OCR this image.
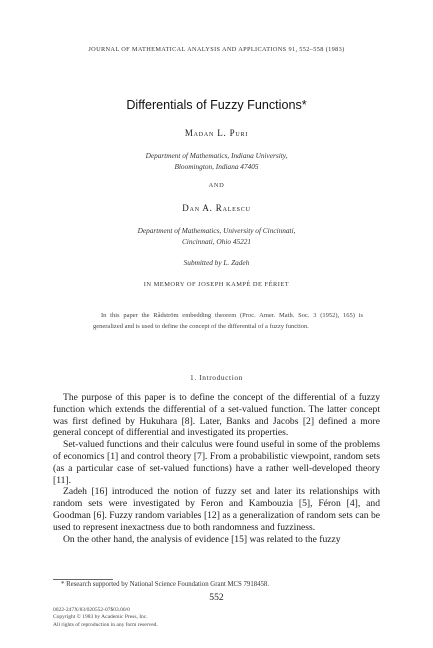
JOURNAL OF MATHEMATICAL ANALYSIS AND APPLICATIONS 91, 552–558 (1983)
Differentials of Fuzzy Functions*
Madan L. Puri
Department of Mathematics, Indiana University,
Bloomington, Indiana 47405
AND
Dan A. Ralescu
Department of Mathematics, University of Cincinnati,
Cincinnati, Ohio 45221
Submitted by L. Zadeh
IN MEMORY OF JOSEPH KAMPÉ DE FÉRIET

In this paper the Rådström embedding theorem (Proc. Amer. Math. Soc. 3 (1952), 165) is generalized and is used to define the concept of the differential of a fuzzy function.

1. Introduction

The purpose of this paper is to define the concept of the differential of a fuzzy function which extends the differential of a set-valued function. The latter concept was first defined by Hukuhara [8]. Later, Banks and Jacobs [2] defined a more general concept of differential and investigated its properties.

Set-valued functions and their calculus were found useful in some of the problems of economics [1] and control theory [7]. From a probabilistic viewpoint, random sets (as a particular case of set-valued functions) have a rather well-developed theory [11].

Zadeh [16] introduced the notion of fuzzy set and later its relationships with random sets were investigated by Feron and Kambouzia [5], Féron [4], and Goodman [6]. Fuzzy random variables [12] as a generalization of random sets can be used to represent inexactness due to both randomness and fuzziness.

On the other hand, the analysis of evidence [15] was related to the fuzzy

* Research supported by National Science Foundation Grant MCS 7918458.
552
0022-247X/83/020552-07$03.00/0
Copyright © 1983 by Academic Press, Inc.
All rights of reproduction in any form reserved.
